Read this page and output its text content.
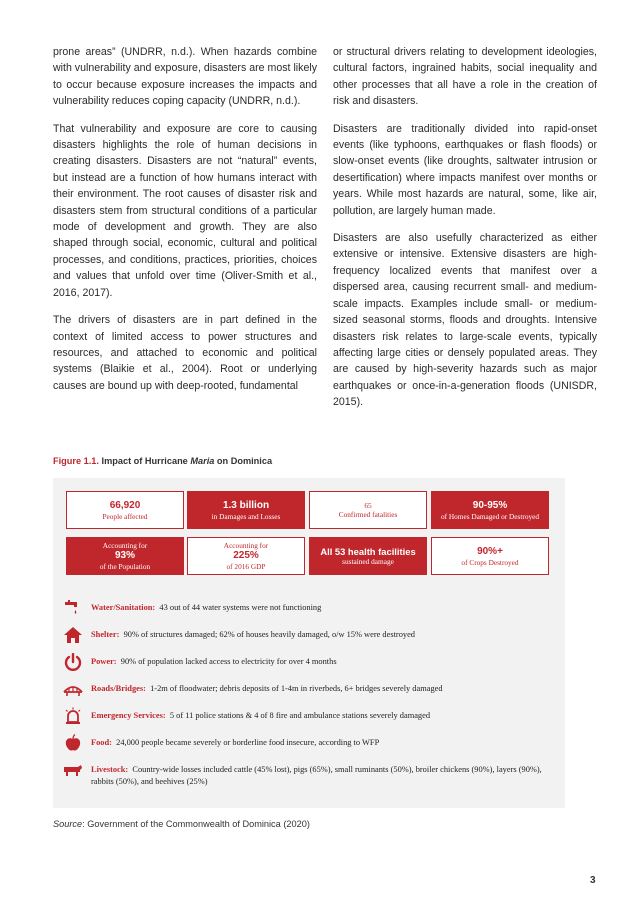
prone areas” (UNDRR, n.d.). When hazards combine with vulnerability and exposure, disasters are most likely to occur because exposure increases the impacts and vulnerability reduces coping capacity (UNDRR, n.d.).

That vulnerability and exposure are core to causing disasters highlights the role of human decisions in creating disasters. Disasters are not “natural” events, but instead are a function of how humans interact with their environment. The root causes of disaster risk and disasters stem from structural conditions of a particular mode of development and growth. They are also shaped through social, economic, cultural and political processes, and conditions, practices, priorities, choices and values that unfold over time (Oliver-Smith et al., 2016, 2017).

The drivers of disasters are in part defined in the context of limited access to power structures and resources, and attached to economic and political systems (Blaikie et al., 2004). Root or underlying causes are bound up with deep-rooted, fundamental

or structural drivers relating to development ideologies, cultural factors, ingrained habits, social inequality and other processes that all have a role in the creation of risk and disasters.

Disasters are traditionally divided into rapid-onset events (like typhoons, earthquakes or flash floods) or slow-onset events (like droughts, saltwater intrusion or desertification) where impacts manifest over months or years. While most hazards are natural, some, like air, pollution, are largely human made.

Disasters are also usefully characterized as either extensive or intensive. Extensive disasters are high-frequency localized events that manifest over a dispersed area, causing recurrent small- and medium-scale impacts. Examples include small- or medium-sized seasonal storms, floods and droughts. Intensive disasters risk relates to large-scale events, typically affecting large cities or densely populated areas. They are caused by high-severity hazards such as major earthquakes or once-in-a-generation floods (UNISDR, 2015).

Figure 1.1. Impact of Hurricane Maria on Dominica
66,920
People affected
1.3 billion
in Damages and Losses
65
Confirmed fatalities
90-95%
of Homes Damaged or Destroyed
Accounting for
93%
of the Population
Accounting for
225%
of 2016 GDP
All 53 health facilities
sustained damage
90%+
of Crops Destroyed
Water/Sanitation: 43 out of 44 water systems were not functioning
Shelter: 90% of structures damaged; 62% of houses heavily damaged, o/w 15% were destroyed
Power: 90% of population lacked access to electricity for over 4 months
Roads/Bridges: 1-2m of floodwater; debris deposits of 1-4m in riverbeds, 6+ bridges severely damaged
Emergency Services: 5 of 11 police stations & 4 of 8 fire and ambulance stations severely damaged
Food: 24,000 people became severely or borderline food insecure, according to WFP
Livestock: Country-wide losses included cattle (45% lost), pigs (65%), small ruminants (50%), broiler chickens (90%), layers (90%), rabbits (50%), and beehives (25%)
Source: Government of the Commonwealth of Dominica (2020)
3
